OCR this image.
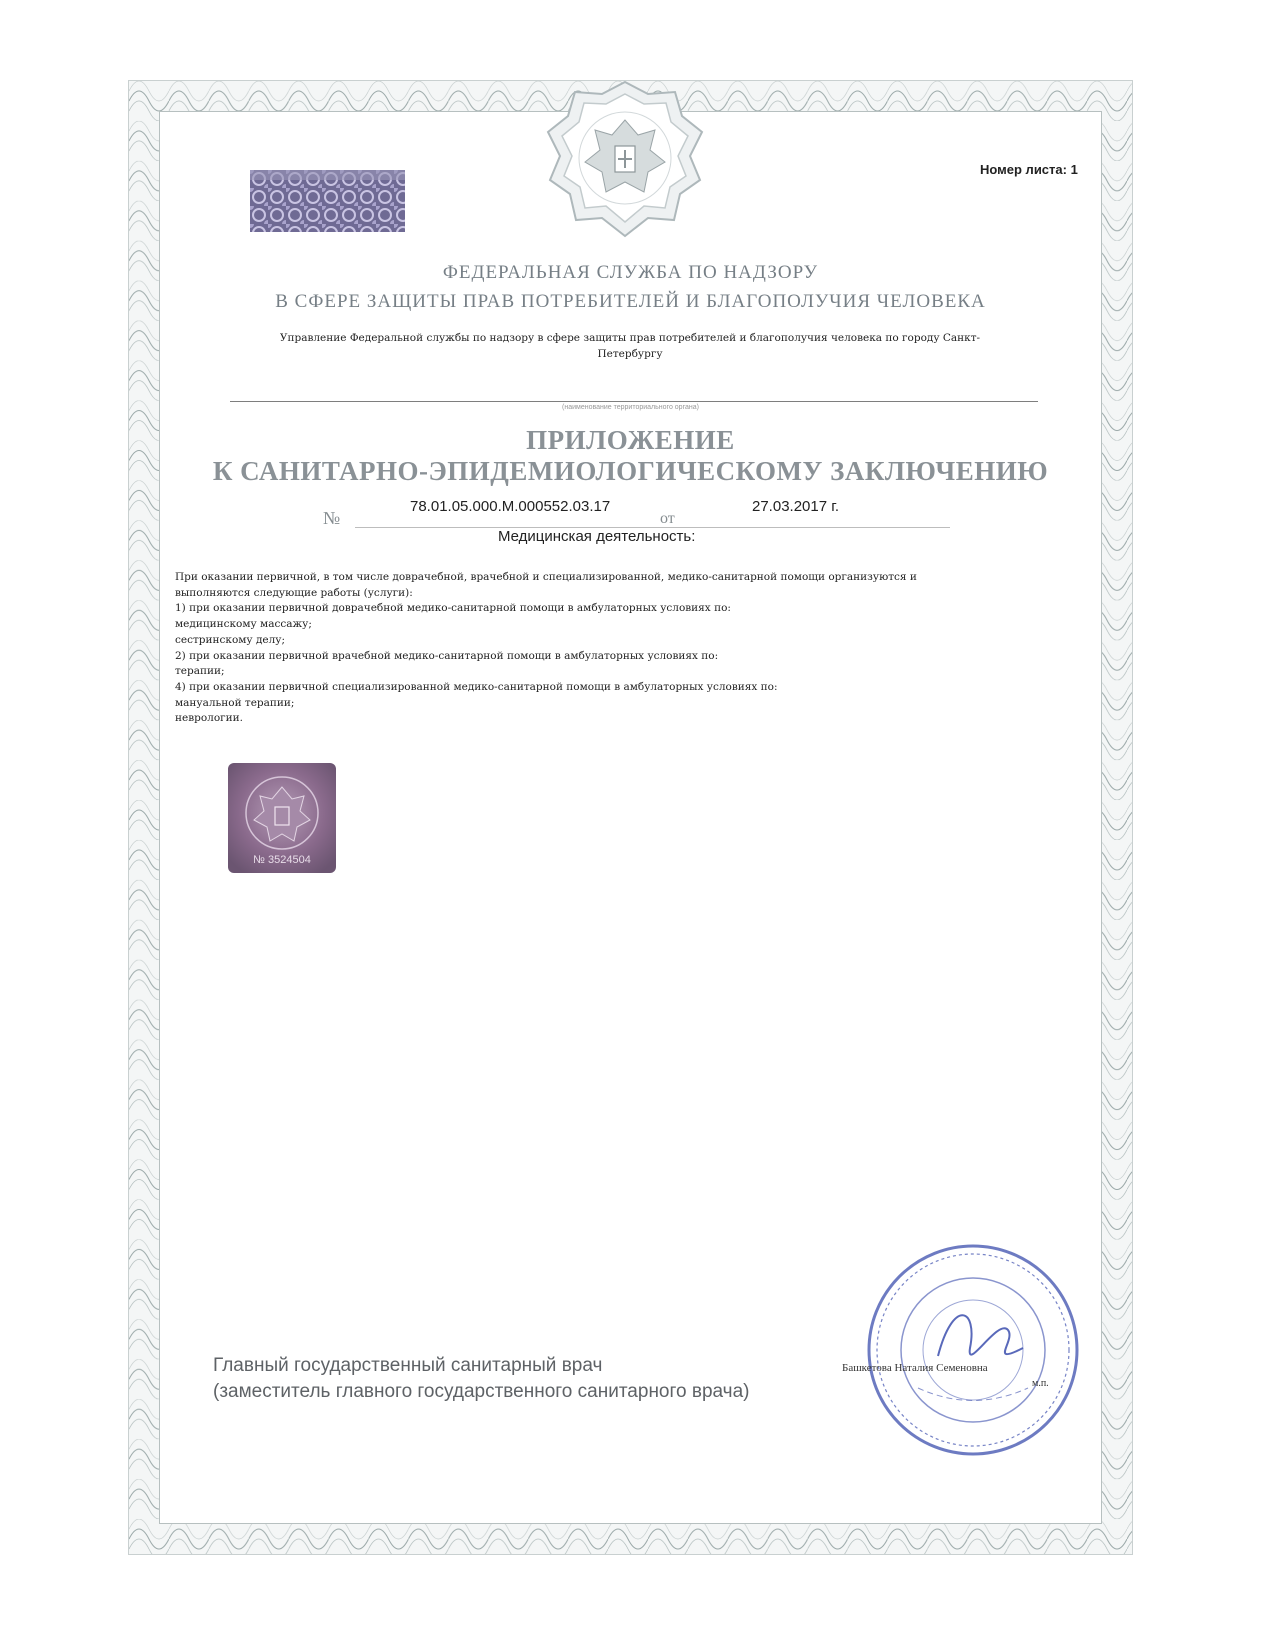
Номер листа: 1
ФЕДЕРАЛЬНАЯ СЛУЖБА ПО НАДЗОРУ
В СФЕРЕ ЗАЩИТЫ ПРАВ ПОТРЕБИТЕЛЕЙ И БЛАГОПОЛУЧИЯ ЧЕЛОВЕКА
Управление Федеральной службы по надзору в сфере защиты прав потребителей и благополучия человека по городу Санкт-
Петербургу
(наименование территориального органа)
ПРИЛОЖЕНИЕ
К САНИТАРНО-ЭПИДЕМИОЛОГИЧЕСКОМУ ЗАКЛЮЧЕНИЮ
№
78.01.05.000.М.000552.03.17
от
27.03.2017 г.
Медицинская деятельность:
При оказании первичной, в том числе доврачебной, врачебной и специализированной, медико-санитарной помощи организуются и
выполняются следующие работы (услуги):
1) при оказании первичной доврачебной медико-санитарной помощи в амбулаторных условиях по:
медицинскому массажу;
сестринскому делу;
2) при оказании первичной врачебной медико-санитарной помощи в амбулаторных условиях по:
терапии;
4) при оказании первичной специализированной медико-санитарной помощи в амбулаторных условиях по:
мануальной терапии;
неврологии.
№ 3524504
Главный государственный санитарный врач
(заместитель главного государственного санитарного врача)
Башкетова Наталия Семеновна
м.п.
